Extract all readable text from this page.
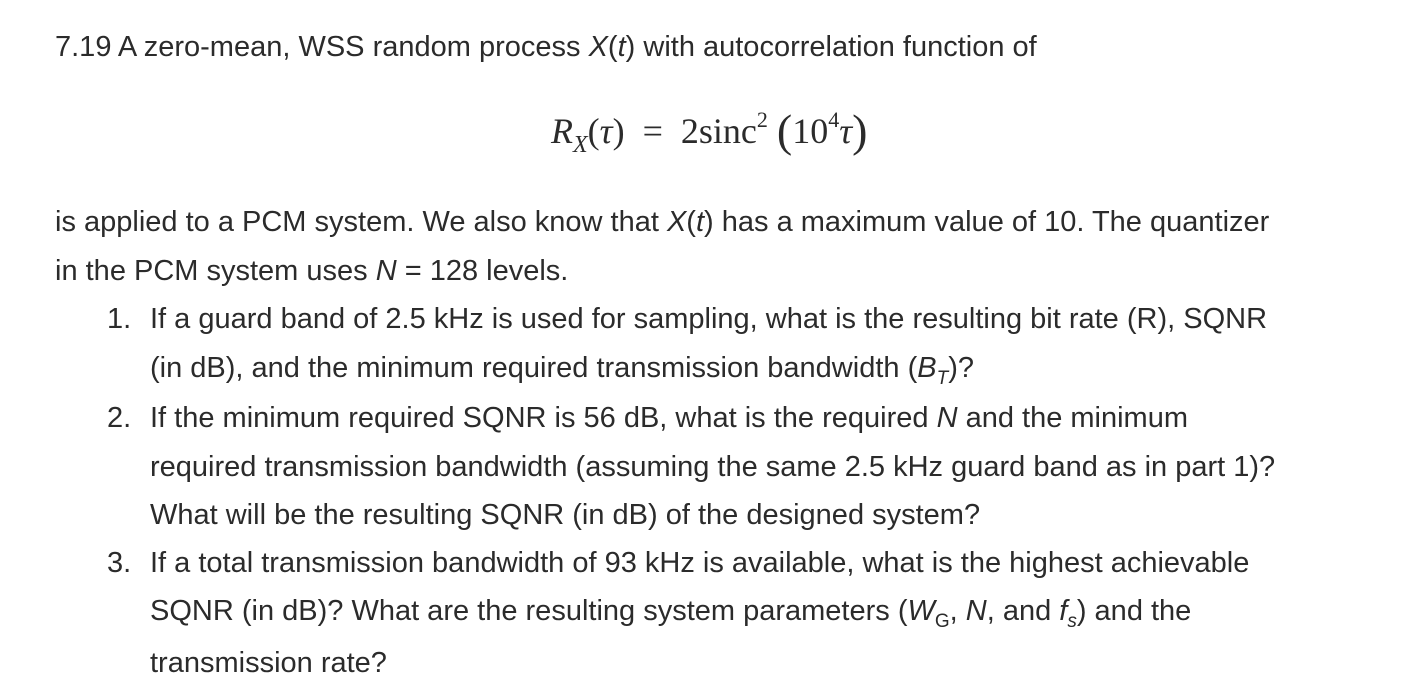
7.19 A zero-mean, WSS random process X(t) with autocorrelation function of
$R_X(\tau) = 2\sin c^2$ $(10^4\tau)$
is applied to a PCM system. We also know that X(t) has a maximum value of 10. The quantizer
in the PCM system uses N = 128 levels.
1. If a guard band of 2.5 kHz is used for sampling, what is the resulting bit rate (R), SQNR
(in dB), and the minimum required transmission bandwidth $(B_T)$?
2. If the minimum required SQNR is 56 dB, what is the required N and the minimum
required transmission bandwidth (assuming the same 2.5 kHz guard band as in part 1)?
What will be the resulting SQNR (in dB) of the designed system?
3. If a total transmission bandwidth of 93 kHz is available, what is the highest achievable
SQNR (in dB)? What are the resulting system parameters ($W_G$, N, and $f_s$) and the
transmission rate?
